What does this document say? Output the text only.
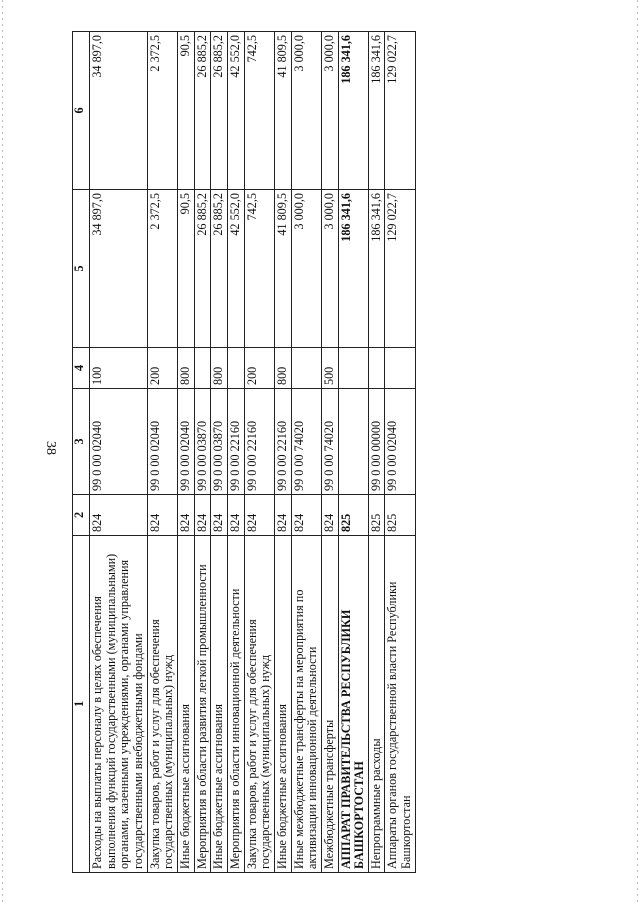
38
1	2	3	4	5	6
Расходы на выплаты персоналу в целях обеспечения выполнения функций государственными (муниципальными) органами, казенными учреждениями, органами управления государственными внебюджетными фондами	824	99 0 00 02040	100	34 897,0	34 897,0
Закупка товаров, работ и услуг для обеспечения государственных (муниципальных) нужд	824	99 0 00 02040	200	2 372,5	2 372,5
Иные бюджетные ассигнования	824	99 0 00 02040	800	90,5	90,5
Мероприятия в области развития легкой промышленности	824	99 0 00 03870		26 885,2	26 885,2
Иные бюджетные ассигнования	824	99 0 00 03870	800	26 885,2	26 885,2
Мероприятия в области инновационной деятельности	824	99 0 00 22160		42 552,0	42 552,0
Закупка товаров, работ и услуг для обеспечения государственных (муниципальных) нужд	824	99 0 00 22160	200	742,5	742,5
Иные бюджетные ассигнования	824	99 0 00 22160	800	41 809,5	41 809,5
Иные межбюджетные трансферты на мероприятия по активизации инновационной деятельности	824	99 0 00 74020		3 000,0	3 000,0
Межбюджетные трансферты	824	99 0 00 74020	500	3 000,0	3 000,0
АППАРАТ ПРАВИТЕЛЬСТВА РЕСПУБЛИКИ БАШКОРТОСТАН	825			186 341,6	186 341,6
Непрограммные расходы	825	99 0 00 00000		186 341,6	186 341,6
Аппараты органов государственной власти Республики Башкортостан	825	99 0 00 02040		129 022,7	129 022,7
